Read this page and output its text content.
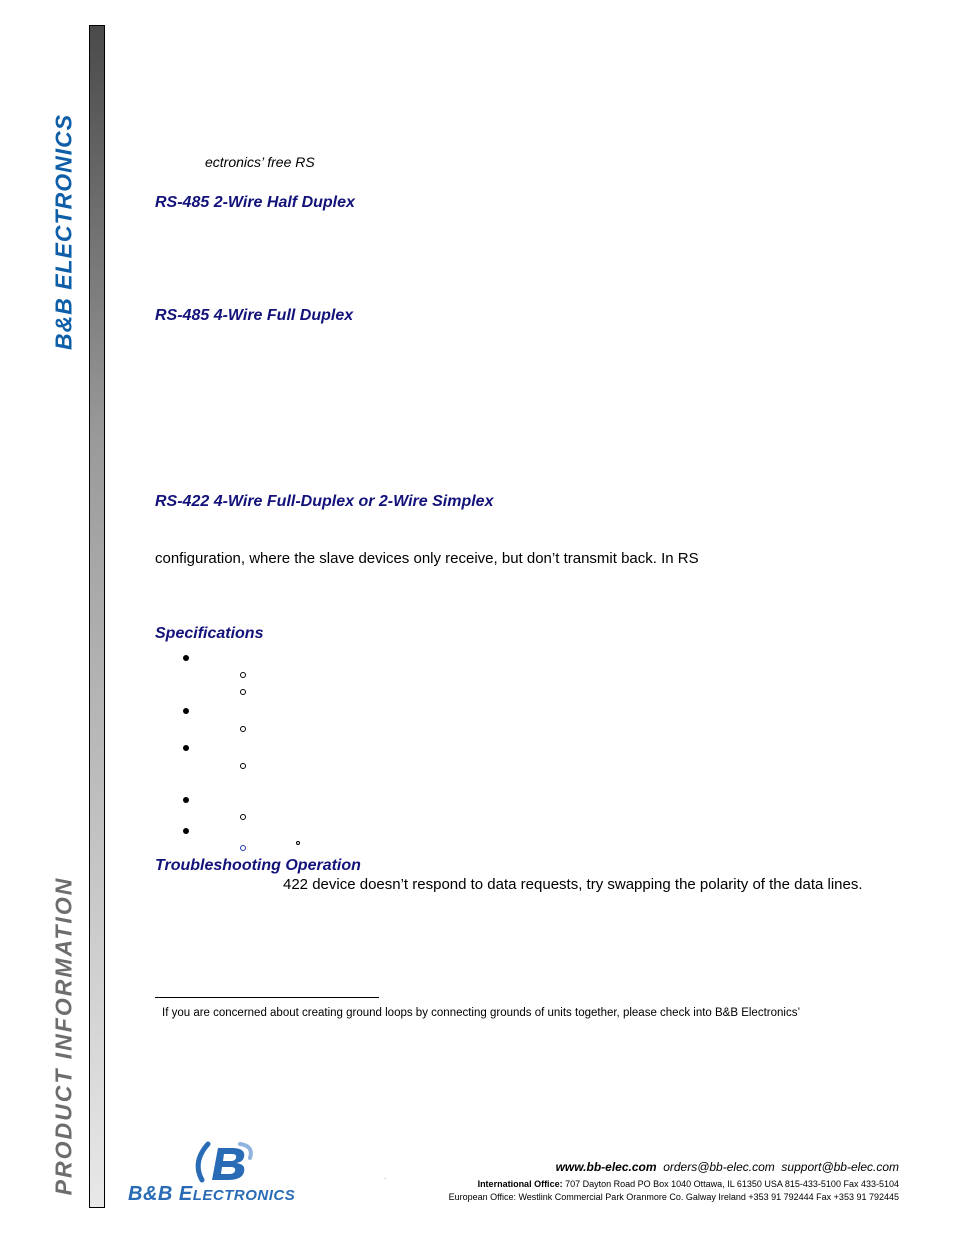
B&B ELECTRONICS
PRODUCT INFORMATION
ectronics’ free RS
RS-485 2-Wire Half Duplex
RS-485 4-Wire Full Duplex
RS-422 4-Wire Full-Duplex or 2-Wire Simplex
configuration, where the slave devices only receive, but don’t transmit back. In RS
Specifications
Troubleshooting Operation
422 device doesn’t respond to data requests, try swapping the polarity of the data lines.
If you are concerned about creating ground loops by connecting grounds of units together, please check into B&B Electronics’
B&B ELECTRONICS
.
www.bb-elec.com orders@bb-elec.com support@bb-elec.com
International Office: 707 Dayton Road PO Box 1040 Ottawa, IL 61350 USA 815-433-5100 Fax 433-5104
European Office: Westlink Commercial Park Oranmore Co. Galway Ireland +353 91 792444 Fax +353 91 792445
